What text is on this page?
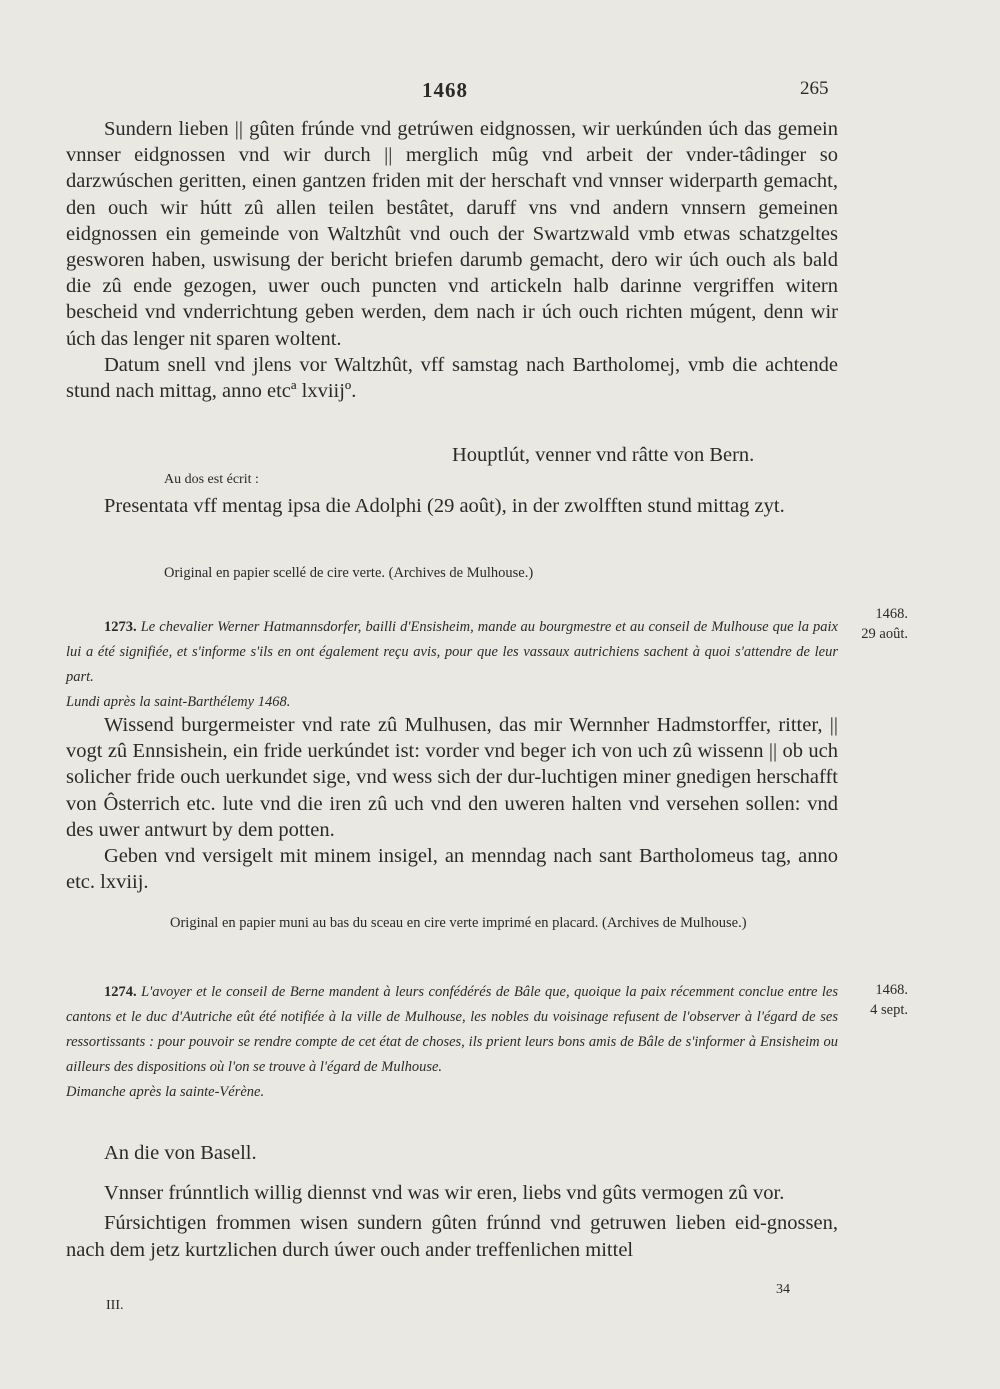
1468	265

Sundern lieben || gûten frúnde vnd getrúwen eidgnossen, wir uerkúnden úch das gemein vnnser eidgnossen vnd wir durch || merglich mûg vnd arbeit der vnder-tâdinger so darzwúschen geritten, einen gantzen friden mit der herschaft vnd vnnser widerparth gemacht, den ouch wir hútt zû allen teilen bestâtet, daruff vns vnd andern vnnsern gemeinen eidgnossen ein gemeinde von Waltzhût vnd ouch der Swartzwald vmb etwas schatzgeltes gesworen haben, uswisung der bericht briefen darumb gemacht, dero wir úch ouch als bald die zû ende gezogen, uwer ouch puncten vnd artickeln halb darinne vergriffen witern bescheid vnd vnderrichtung geben werden, dem nach ir úch ouch richten múgent, denn wir úch das lenger nit sparen woltent.

Datum snell vnd jlens vor Waltzhût, vff samstag nach Bartholomej, vmb die achtende stund nach mittag, anno etcª lxviijº.

Houptlút, venner vnd râtte von Bern.
Au dos est écrit :

Presentata vff mentag ipsa die Adolphi (29 août), in der zwolfften stund mittag zyt.

Original en papier scellé de cire verte. (Archives de Mulhouse.)
1468.
29 août.
1273. Le chevalier Werner Hatmannsdorfer, bailli d'Ensisheim, mande au bourgmestre et au conseil de Mulhouse que la paix lui a été signifiée, et s'informe s'ils en ont également reçu avis, pour que les vassaux autrichiens sachent à quoi s'attendre de leur part.
Lundi après la saint-Barthélemy 1468.

Wissend burgermeister vnd rate zû Mulhusen, das mir Wernnher Hadmstorffer, ritter, || vogt zû Ennsishein, ein fride uerkúndet ist: vorder vnd beger ich von uch zû wissenn || ob uch solicher fride ouch uerkundet sige, vnd wess sich der dur-luchtigen miner gnedigen herschafft von Ôsterrich etc. lute vnd die iren zû uch vnd den uweren halten vnd versehen sollen: vnd des uwer antwurt by dem potten.

Geben vnd versigelt mit minem insigel, an menndag nach sant Bartholomeus tag, anno etc. lxviij.

Original en papier muni au bas du sceau en cire verte imprimé en placard. (Archives de Mulhouse.)
1468.
4 sept.
1274. L'avoyer et le conseil de Berne mandent à leurs confédérés de Bâle que, quoique la paix récemment conclue entre les cantons et le duc d'Autriche eût été notifiée à la ville de Mulhouse, les nobles du voisinage refusent de l'observer à l'égard de ses ressortissants : pour pouvoir se rendre compte de cet état de choses, ils prient leurs bons amis de Bâle de s'informer à Ensisheim ou ailleurs des dispositions où l'on se trouve à l'égard de Mulhouse.
Dimanche après la sainte-Vérène.

An die von Basell.

Vnnser frúnntlich willig diennst vnd was wir eren, liebs vnd gûts vermogen zû vor.

Fúrsichtigen frommen wisen sundern gûten frúnnd vnd getruwen lieben eid-gnossen, nach dem jetz kurtzlichen durch úwer ouch ander treffenlichen mittel

III.
34
